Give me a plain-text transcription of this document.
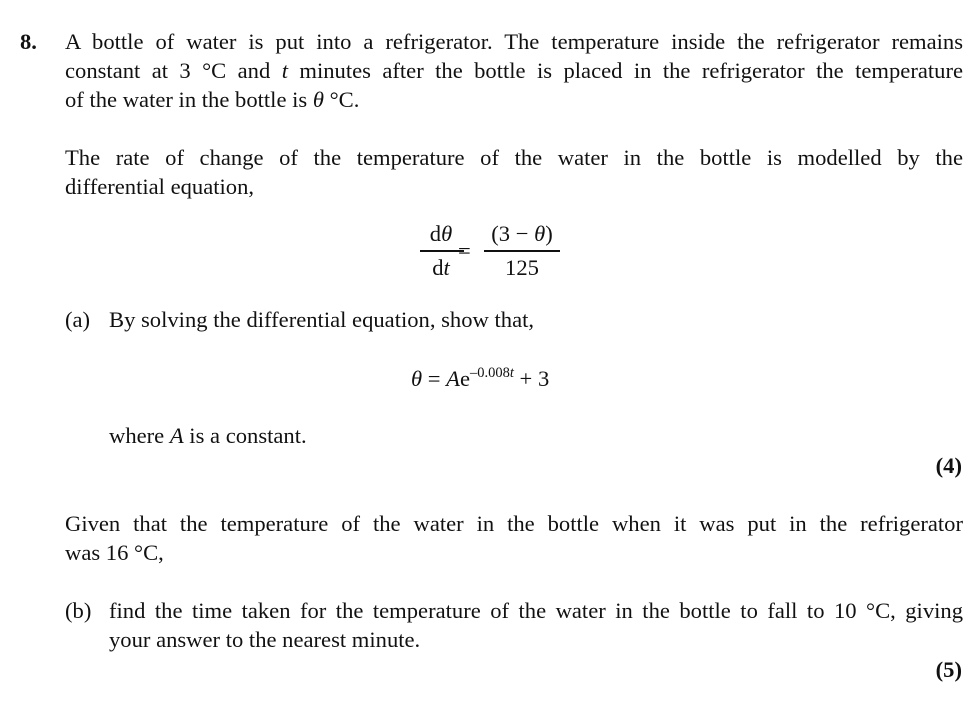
8. A bottle of water is put into a refrigerator. The temperature inside the refrigerator remains
constant at 3 °C and t minutes after the bottle is placed in the refrigerator the temperature
of the water in the bottle is θ °C.
The rate of change of the temperature of the water in the bottle is modelled by the
differential equation,
dθ
dt
=
(3 − θ)
125
(a) By solving the differential equation, show that,
$\theta = Ae^{-0.008t} + 3$
where A is a constant.
(4)
Given that the temperature of the water in the bottle when it was put in the refrigerator
was 16 °C,
(b) find the time taken for the temperature of the water in the bottle to fall to 10 °C, giving
your answer to the nearest minute.
(5)
